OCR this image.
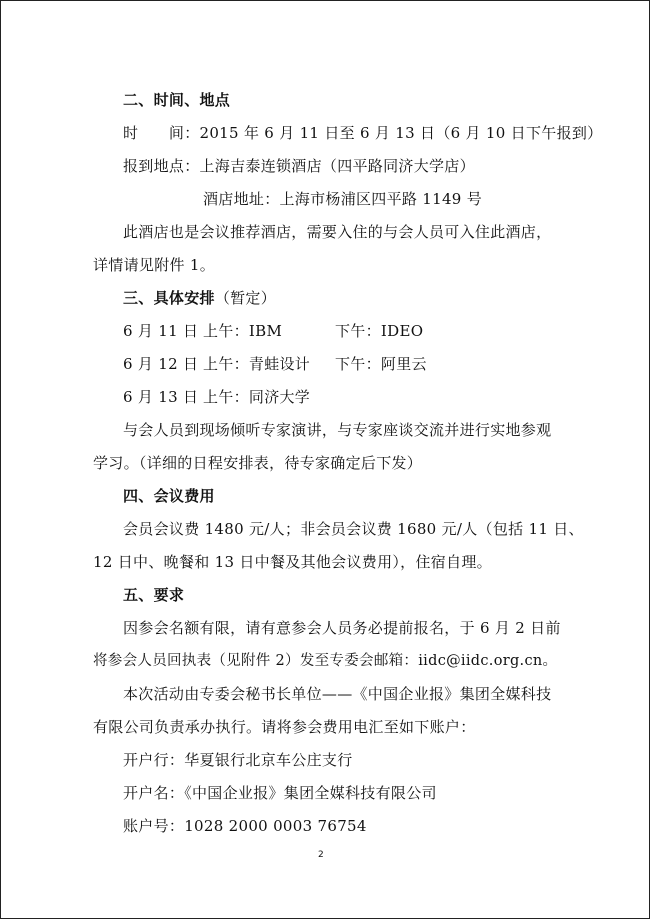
二、时间、地点
时　　间：2015 年 6 月 11 日至 6 月 13 日（6 月 10 日下午报到）
报到地点：上海吉泰连锁酒店（四平路同济大学店）
酒店地址：上海市杨浦区四平路 1149 号
此酒店也是会议推荐酒店，需要入住的与会人员可入住此酒店，
详情请见附件 1。
三、具体安排（暂定）
6 月 11 日 上午：IBM	下午：IDEO
6 月 12 日 上午：青蛙设计 下午：阿里云
6 月 13 日 上午：同济大学
与会人员到现场倾听专家演讲，与专家座谈交流并进行实地参观
学习。（详细的日程安排表，待专家确定后下发）
四、会议费用
会员会议费 1480 元/人；非会员会议费 1680 元/人（包括 11 日、
12 日中、晚餐和 13 日中餐及其他会议费用），住宿自理。
五、要求
因参会名额有限，请有意参会人员务必提前报名，于 6 月 2 日前
将参会人员回执表（见附件 2）发至专委会邮箱：iidc@iidc.org.cn。
本次活动由专委会秘书长单位——《中国企业报》集团全媒科技
有限公司负责承办执行。请将参会费用电汇至如下账户：
开户行：华夏银行北京车公庄支行
开户名：《中国企业报》集团全媒科技有限公司
账户号：1028 2000 0003 76754
2
